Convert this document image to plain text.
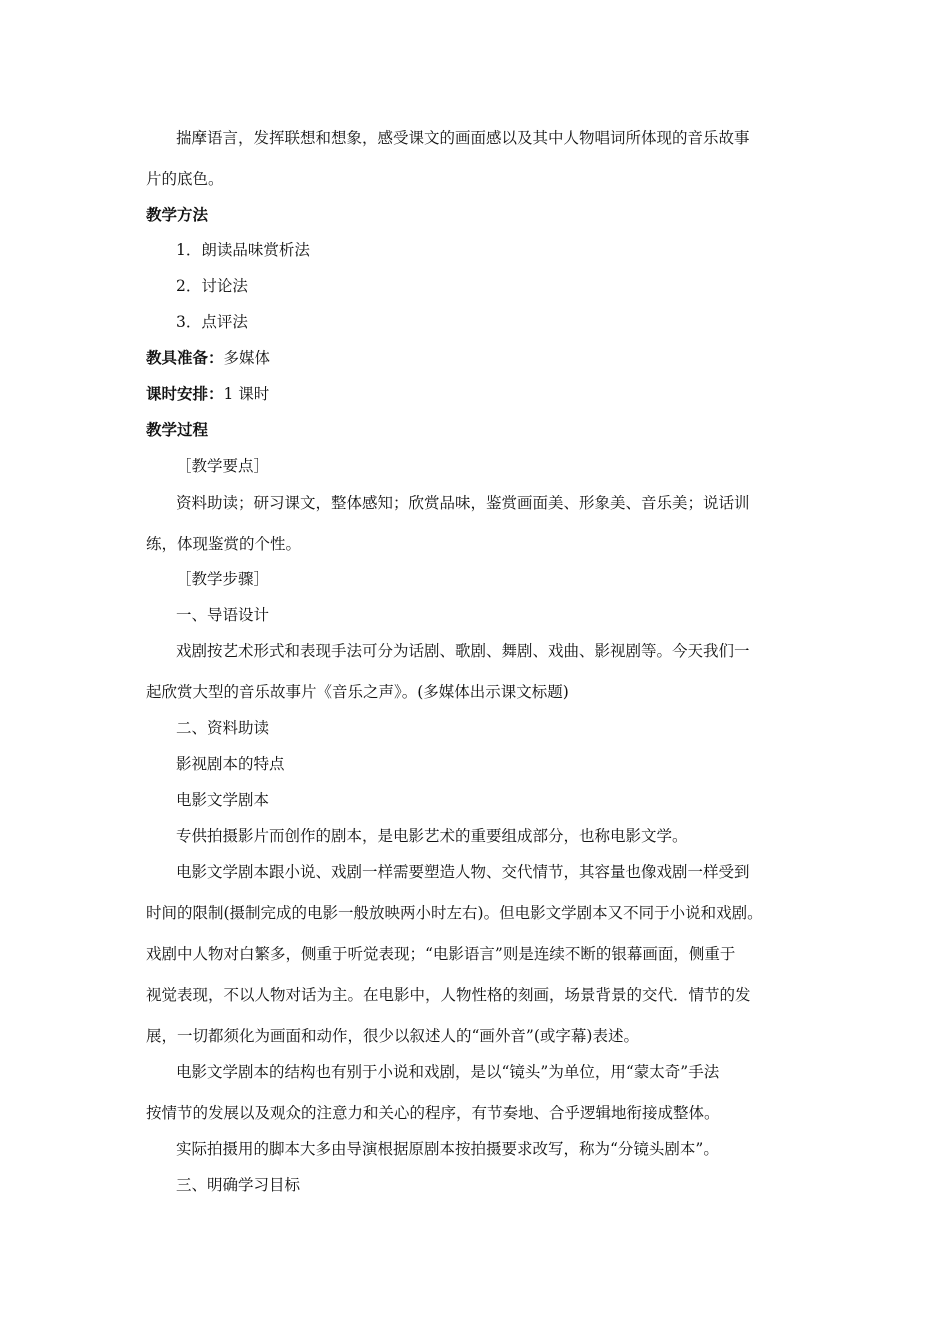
揣摩语言，发挥联想和想象，感受课文的画面感以及其中人物唱词所体现的音乐故事
片的底色。
教学方法
1．朗读品味赏析法
2．讨论法
3．点评法
教具准备：多媒体
课时安排：1 课时
教学过程
［教学要点］
资料助读；研习课文，整体感知；欣赏品味，鉴赏画面美、形象美、音乐美；说话训
练，体现鉴赏的个性。
［教学步骤］
一、导语设计
戏剧按艺术形式和表现手法可分为话剧、歌剧、舞剧、戏曲、影视剧等。今天我们一
起欣赏大型的音乐故事片《音乐之声》。(多媒体出示课文标题)
二、资料助读
影视剧本的特点
电影文学剧本
专供拍摄影片而创作的剧本，是电影艺术的重要组成部分，也称电影文学。
电影文学剧本跟小说、戏剧一样需要塑造人物、交代情节，其容量也像戏剧一样受到
时间的限制(摄制完成的电影一般放映两小时左右)。但电影文学剧本又不同于小说和戏剧。
戏剧中人物对白繁多，侧重于听觉表现；“电影语言”则是连续不断的银幕画面，侧重于
视觉表现，不以人物对话为主。在电影中，人物性格的刻画，场景背景的交代．情节的发
展，一切都须化为画面和动作，很少以叙述人的“画外音”(或字幕)表述。
电影文学剧本的结构也有别于小说和戏剧，是以“镜头”为单位，用“蒙太奇”手法
按情节的发展以及观众的注意力和关心的程序，有节奏地、合乎逻辑地衔接成整体。
实际拍摄用的脚本大多由导演根据原剧本按拍摄要求改写，称为“分镜头剧本”。
三、明确学习目标
